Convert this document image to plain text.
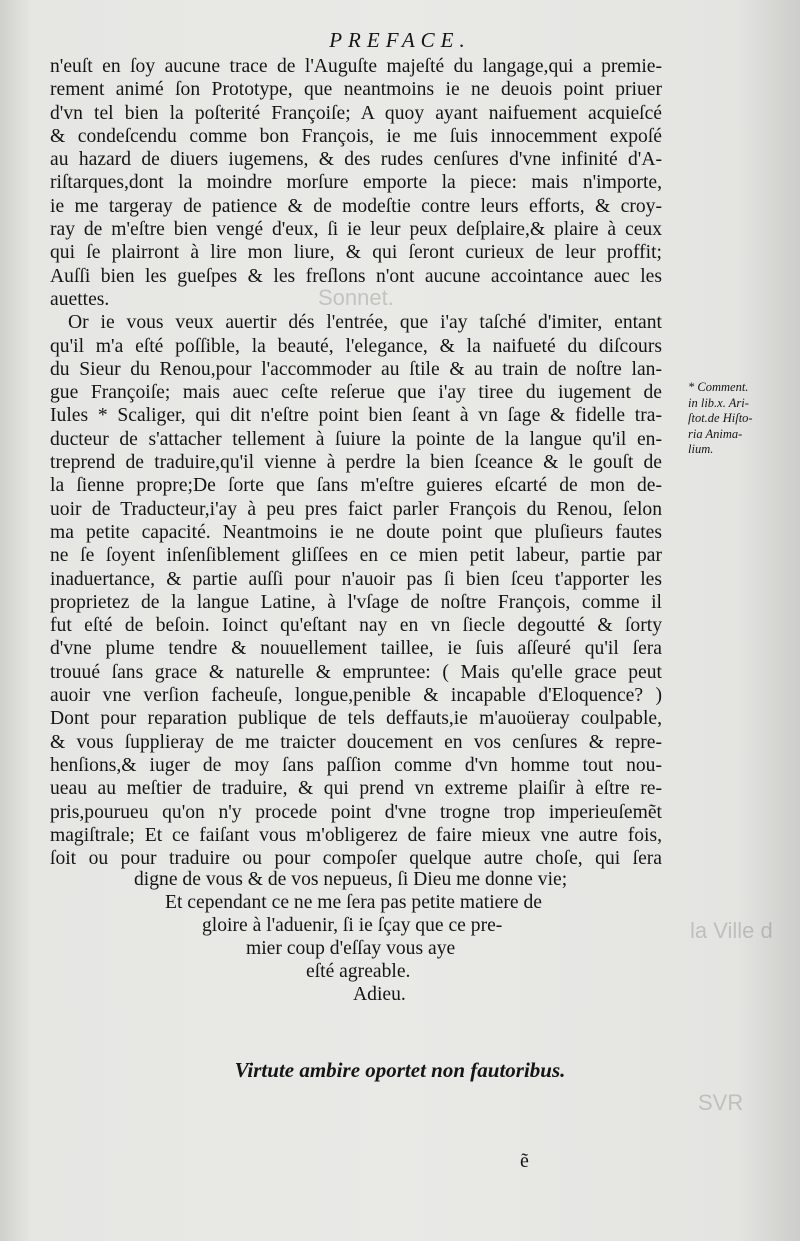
PREFACE.
Sonnet.
SVR
la Ville d
n'euſt en ſoy aucune trace de l'Auguſte majeſté du langage,qui a premie-
rement animé ſon Prototype, que neantmoins ie ne deuois point priuer
d'vn tel bien la poſterité Françoiſe; A quoy ayant naifuement acquieſcé
& condeſcendu comme bon François, ie me ſuis innocemment expoſé
au hazard de diuers iugemens, & des rudes cenſures d'vne infinité d'A-
riſtarques,dont la moindre morſure emporte la piece: mais n'importe,
ie me targeray de patience & de modeſtie contre leurs efforts, & croy-
ray de m'eſtre bien vengé d'eux, ſi ie leur peux deſplaire,& plaire à ceux
qui ſe plairront à lire mon liure, & qui ſeront curieux de leur proffit;
Auſſi bien les gueſpes & les freſlons n'ont aucune accointance auec les
auettes.
Or ie vous veux auertir dés l'entrée, que i'ay taſché d'imiter, entant
qu'il m'a eſté poſſible, la beauté, l'elegance, & la naifueté du diſcours
du Sieur du Renou,pour l'accommoder au ſtile & au train de noſtre lan-
gue Françoiſe; mais auec ceſte reſerue que i'ay tiree du iugement de
Iules * Scaliger, qui dit n'eſtre point bien ſeant à vn ſage & fidelle tra-
ducteur de s'attacher tellement à ſuiure la pointe de la langue qu'il en-
treprend de traduire,qu'il vienne à perdre la bien ſceance & le gouſt de
la ſienne propre;De ſorte que ſans m'eſtre guieres eſcarté de mon de-
uoir de Traducteur,i'ay à peu pres faict parler François du Renou, ſelon
ma petite capacité. Neantmoins ie ne doute point que pluſieurs fautes
ne ſe ſoyent inſenſiblement gliſſees en ce mien petit labeur, partie par
inaduertance, & partie auſſi pour n'auoir pas ſi bien ſceu t'apporter les
proprietez de la langue Latine, à l'vſage de noſtre François, comme il
fut eſté de beſoin. Ioinct qu'eſtant nay en vn ſiecle degoutté & ſorty
d'vne plume tendre & nouuellement taillee, ie ſuis aſſeuré qu'il ſera
trouué ſans grace & naturelle & empruntee: ( Mais qu'elle grace peut
auoir vne verſion facheuſe, longue,penible & incapable d'Eloquence? )
Dont pour reparation publique de tels deffauts,ie m'auoüeray coulpable,
& vous ſupplieray de me traicter doucement en vos cenſures & repre-
henſions,& iuger de moy ſans paſſion comme d'vn homme tout nou-
ueau au meſtier de traduire, & qui prend vn extreme plaiſir à eſtre re-
pris,pourueu qu'on n'y procede point d'vne trogne trop imperieuſemẽt
magiſtrale; Et ce faiſant vous m'obligerez de faire mieux vne autre fois,
ſoit ou pour traduire ou pour compoſer quelque autre choſe, qui ſera
* Comment.
in lib.x. Ari-
ſtot.de Hiſto-
ria Anima-
lium.
digne de vous & de vos nepueus, ſi Dieu me donne vie;
Et cependant ce ne me ſera pas petite matiere de
gloire à l'aduenir, ſi ie ſçay que ce pre-
mier coup d'eſſay vous aye
eſté agreable.
Adieu.
Virtute ambire oportet non fautoribus.
ẽ
